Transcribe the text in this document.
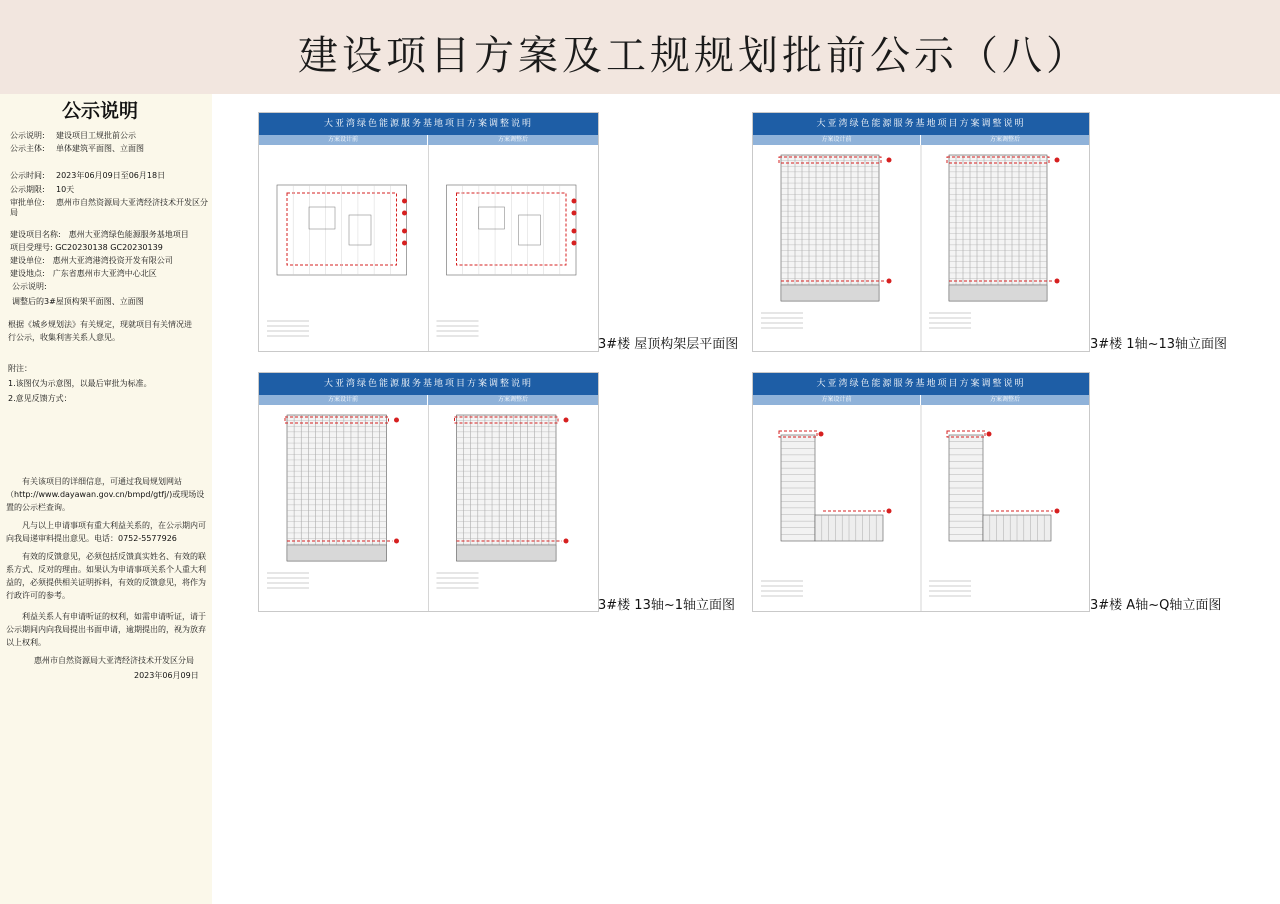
建设项目方案及工规规划批前公示（八）
公示说明
公示说明: 建设项目工规批前公示
公示主体: 单体建筑平面图、立面图
公示时间: 2023年06月09日至06月18日
公示期限: 10天
审批单位: 惠州市自然资源局大亚湾经济技术开发区分局
建设项目名称:　惠州大亚湾绿色能源服务基地项目
项目受理号: GC20230138 GC20230139
建设单位:　惠州大亚湾港湾投资开发有限公司
建设地点:　广东省惠州市大亚湾中心北区
公示说明:
调整后的3#屋顶构架平面图、立面图
根据《城乡规划法》有关规定，现就项目有关情况进行公示，收集利害关系人意见。
附注：
1.该图仅为示意图，以最后审批为标准。
2.意见反馈方式：
有关该项目的详细信息，可通过我局规划网站（http://www.dayawan.gov.cn/bmpd/gtfj/)或现场设置的公示栏查询。
凡与以上申请事项有重大利益关系的，在公示期内可向我局递审料提出意见。电话：0752-5577926
有效的反馈意见，必须包括反馈真实姓名、有效的联系方式、反对的理由。如果认为申请事项关系个人重大利益的，必须提供相关证明拆料，有效的反馈意见，将作为行政许可的参考。
利益关系人有申请听证的权利，如需申请听证，请于公示期间内向我局提出书面申请，逾期提出的，视为放弃以上权利。
惠州市自然资源局大亚湾经济技术开发区分局
2023年06月09日
大亚湾绿色能源服务基地项目方案调整说明
方案设计前	方案调整后
3#楼 屋顶构架层平面图
大亚湾绿色能源服务基地项目方案调整说明
方案设计前	方案调整后
3#楼 1轴~13轴立面图
大亚湾绿色能源服务基地项目方案调整说明
方案设计前	方案调整后
3#楼 13轴~1轴立面图
大亚湾绿色能源服务基地项目方案调整说明
方案设计前	方案调整后
3#楼 A轴~Q轴立面图
